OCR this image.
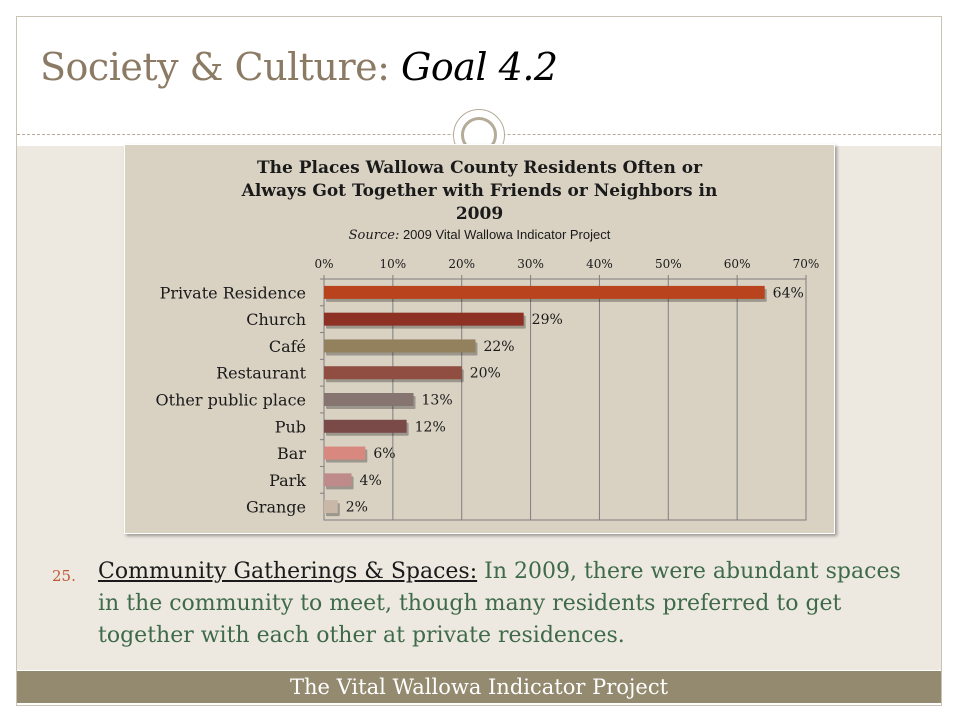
Society & Culture: Goal 4.2
The Places Wallowa County Residents Often or
Always Got Together with Friends or Neighbors in
2009
Source: 2009 Vital Wallowa Indicator Project
0%	10%	20%	30%	40%	50%	60%	70%
Private Residence	64%
Church	29%
Café	22%
Restaurant	20%
Other public place	13%
Pub	12%
Bar	6%
Park	4%
Grange	2%
25. Community Gatherings & Spaces: In 2009, there were abundant spaces in the community to meet, though many residents preferred to get together with each other at private residences.
The Vital Wallowa Indicator Project
